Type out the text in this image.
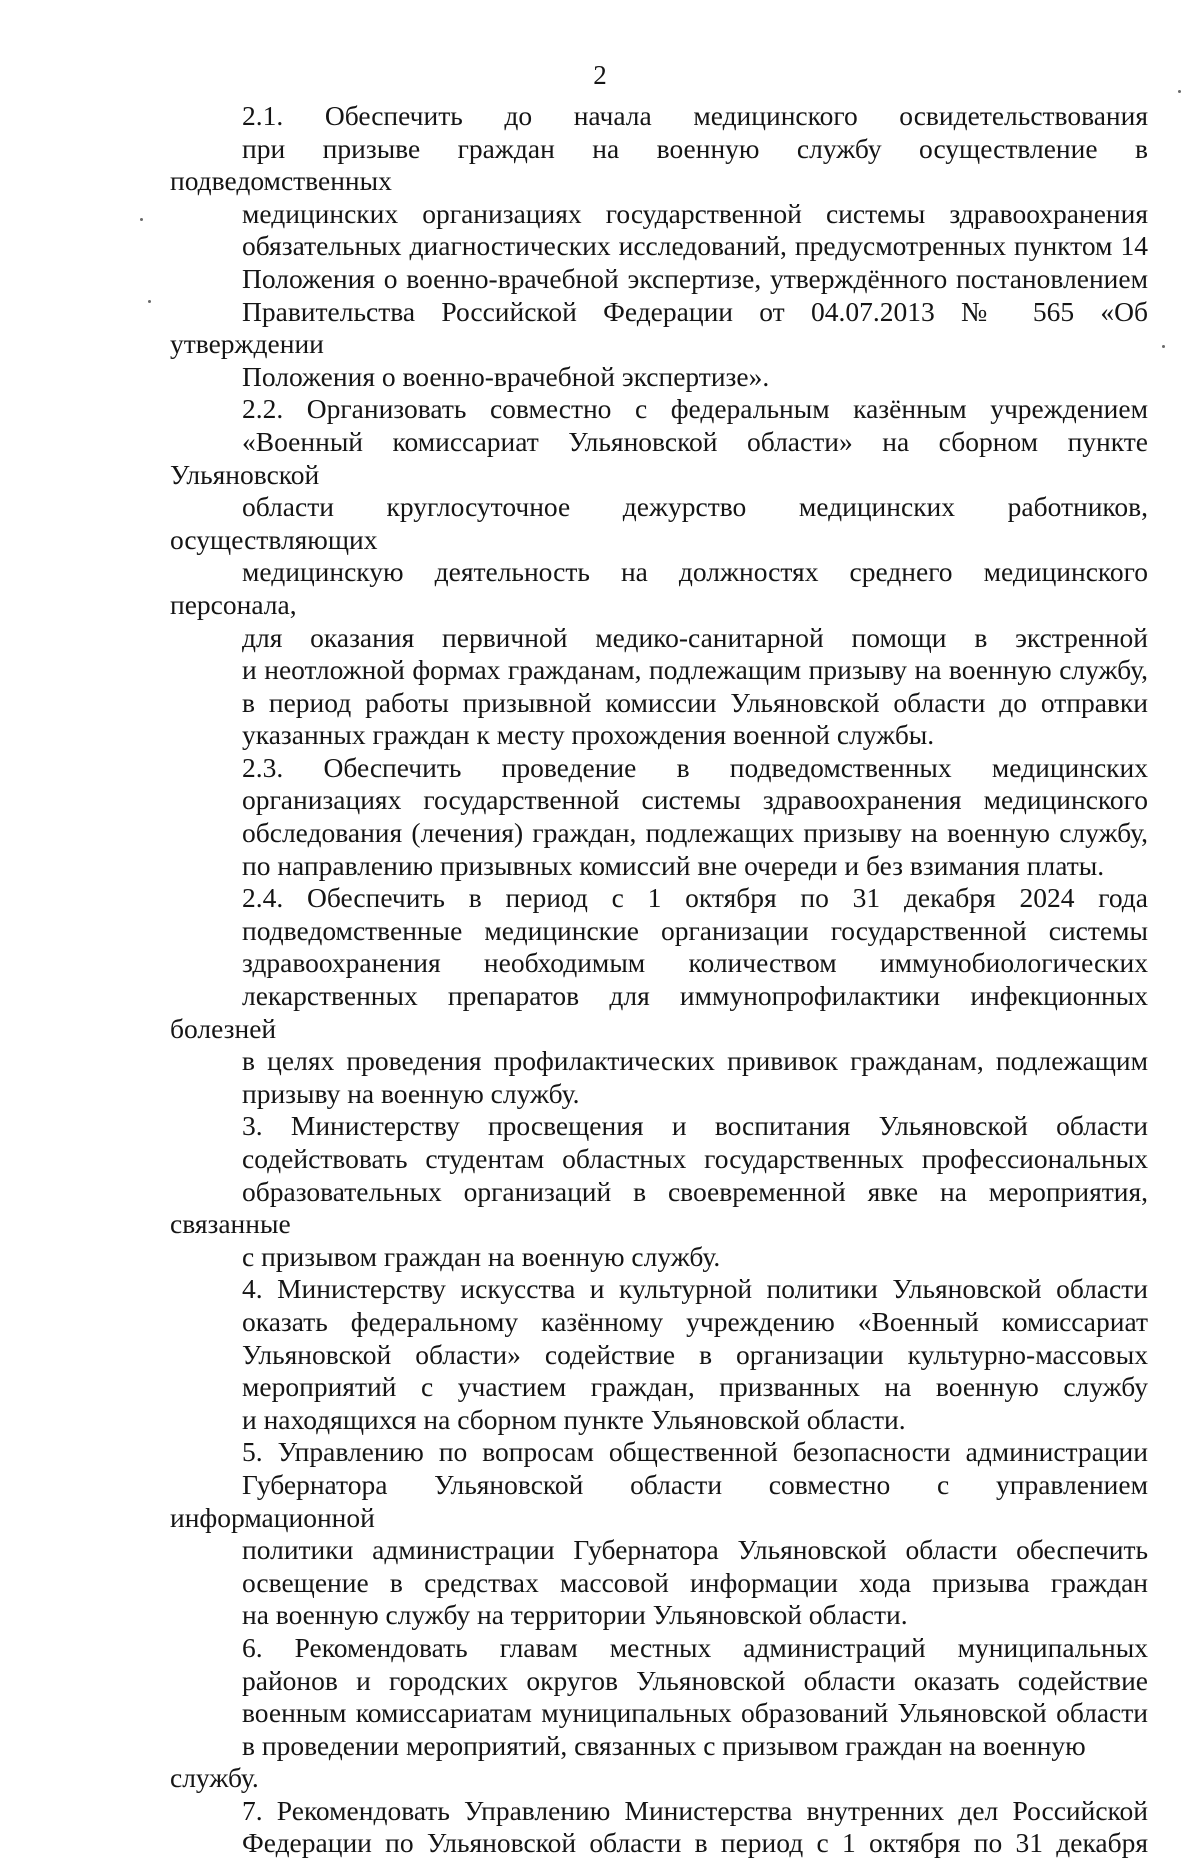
2

2.1. Обеспечить до начала медицинского освидетельствования
при призыве граждан на военную службу осуществление в подведомственных
медицинских организациях государственной системы здравоохранения
обязательных диагностических исследований, предусмотренных пунктом 14
Положения о военно-врачебной экспертизе, утверждённого постановлением
Правительства Российской Федерации от 04.07.2013 № 565 «Об утверждении
Положения о военно-врачебной экспертизе».

2.2. Организовать совместно с федеральным казённым учреждением
«Военный комиссариат Ульяновской области» на сборном пункте Ульяновской
области круглосуточное дежурство медицинских работников, осуществляющих
медицинскую деятельность на должностях среднего медицинского персонала,
для оказания первичной медико-санитарной помощи в экстренной
и неотложной формах гражданам, подлежащим призыву на военную службу,
в период работы призывной комиссии Ульяновской области до отправки
указанных граждан к месту прохождения военной службы.

2.3. Обеспечить проведение в подведомственных медицинских
организациях государственной системы здравоохранения медицинского
обследования (лечения) граждан, подлежащих призыву на военную службу,
по направлению призывных комиссий вне очереди и без взимания платы.

2.4. Обеспечить в период с 1 октября по 31 декабря 2024 года
подведомственные медицинские организации государственной системы
здравоохранения необходимым количеством иммунобиологических
лекарственных препаратов для иммунопрофилактики инфекционных болезней
в целях проведения профилактических прививок гражданам, подлежащим
призыву на военную службу.

3. Министерству просвещения и воспитания Ульяновской области
содействовать студентам областных государственных профессиональных
образовательных организаций в своевременной явке на мероприятия, связанные
с призывом граждан на военную службу.

4. Министерству искусства и культурной политики Ульяновской области
оказать федеральному казённому учреждению «Военный комиссариат
Ульяновской области» содействие в организации культурно-массовых
мероприятий с участием граждан, призванных на военную службу
и находящихся на сборном пункте Ульяновской области.

5. Управлению по вопросам общественной безопасности администрации
Губернатора Ульяновской области совместно с управлением информационной
политики администрации Губернатора Ульяновской области обеспечить
освещение в средствах массовой информации хода призыва граждан
на военную службу на территории Ульяновской области.

6. Рекомендовать главам местных администраций муниципальных
районов и городских округов Ульяновской области оказать содействие
военным комиссариатам муниципальных образований Ульяновской области
в проведении мероприятий, связанных с призывом граждан на военную службу.

7. Рекомендовать Управлению Министерства внутренних дел Российской
Федерации по Ульяновской области в период с 1 октября по 31 декабря
